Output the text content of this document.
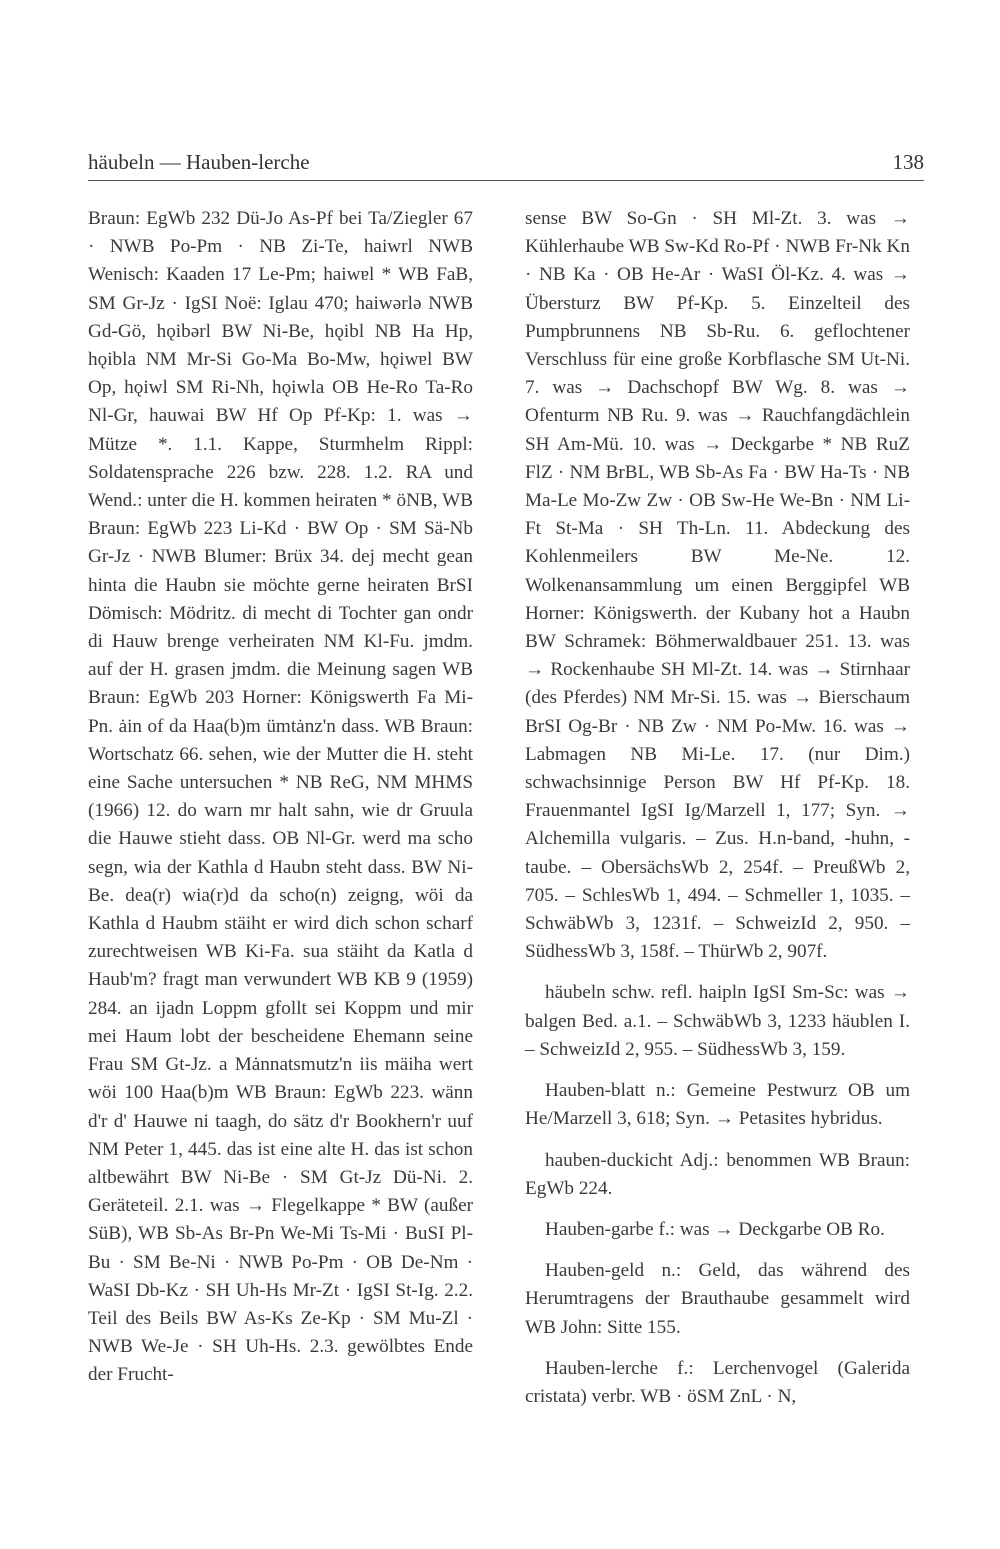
häubeln — Hauben-lerche	138

Braun: EgWb 232 Dü-Jo As-Pf bei Ta/Ziegler 67 · NWB Po-Pm · NB Zi-Te, haiwrl NWB Wenisch: Kaaden 17 Le-Pm; haiwɐl * WB FaB, SM Gr-Jz · IgSI Noë: Iglau 470; haiwərlə NWB Gd-Gö, hǫibərl BW Ni-Be, hǫibl NB Ha Hp, hǫibla NM Mr-Si Go-Ma Bo-Mw, hǫiwɐl BW Op, hǫiwl SM Ri-Nh, hǫiwla OB He-Ro Ta-Ro Nl-Gr, hauwai BW Hf Op Pf-Kp: 1. was → Mütze *. 1.1. Kappe, Sturmhelm Rippl: Soldatensprache 226 bzw. 228. 1.2. RA und Wend.: unter die H. kommen heiraten * öNB, WB Braun: EgWb 223 Li-Kd · BW Op · SM Sä-Nb Gr-Jz · NWB Blumer: Brüx 34. dej mecht gean hinta die Haubn sie möchte gerne heiraten BrSI Dömisch: Mödritz. di mecht di Tochter gan ondr di Hauw brenge verheiraten NM Kl-Fu. jmdm. auf der H. grasen jmdm. die Meinung sagen WB Braun: EgWb 203 Horner: Königswerth Fa Mi-Pn. ȧin of da Haa(b)m ümtȧnz'n dass. WB Braun: Wortschatz 66. sehen, wie der Mutter die H. steht eine Sache untersuchen * NB ReG, NM MHMS (1966) 12. do warn mr halt sahn, wie dr Gruula die Hauwe stieht dass. OB Nl-Gr. werd ma scho segn, wia der Kathla d Haubn steht dass. BW Ni-Be. dea(r) wia(r)d da scho(n) zeigng, wöi da Kathla d Haubm stäiht er wird dich schon scharf zurechtweisen WB Ki-Fa. sua stäiht da Katla d Haub'm? fragt man verwundert WB KB 9 (1959) 284. an ijadn Loppm gfollt sei Koppm und mir mei Haum lobt der bescheidene Ehemann seine Frau SM Gt-Jz. a Mȧnnatsmutz'n iis mäiha wert wöi 100 Haa(b)m WB Braun: EgWb 223. wänn d'r d' Hauwe ni taagh, do sätz d'r Bookhern'r uuf NM Peter 1, 445. das ist eine alte H. das ist schon altbewährt BW Ni-Be · SM Gt-Jz Dü-Ni. 2. Geräteteil. 2.1. was → Flegelkappe * BW (außer SüB), WB Sb-As Br-Pn We-Mi Ts-Mi · BuSI Pl-Bu · SM Be-Ni · NWB Po-Pm · OB De-Nm · WaSI Db-Kz · SH Uh-Hs Mr-Zt · IgSI St-Ig. 2.2. Teil des Beils BW As-Ks Ze-Kp · SM Mu-Zl · NWB We-Je · SH Uh-Hs. 2.3. gewölbtes Ende der Frucht-

sense BW So-Gn · SH Ml-Zt. 3. was → Kühlerhaube WB Sw-Kd Ro-Pf · NWB Fr-Nk Kn · NB Ka · OB He-Ar · WaSI Öl-Kz. 4. was → Übersturz BW Pf-Kp. 5. Einzelteil des Pumpbrunnens NB Sb-Ru. 6. geflochtener Verschluss für eine große Korbflasche SM Ut-Ni. 7. was → Dachschopf BW Wg. 8. was → Ofenturm NB Ru. 9. was → Rauchfangdächlein SH Am-Mü. 10. was → Deckgarbe * NB RuZ FlZ · NM BrBL, WB Sb-As Fa · BW Ha-Ts · NB Ma-Le Mo-Zw Zw · OB Sw-He We-Bn · NM Li-Ft St-Ma · SH Th-Ln. 11. Abdeckung des Kohlenmeilers BW Me-Ne. 12. Wolkenansammlung um einen Berggipfel WB Horner: Königswerth. der Kubany hot a Haubn BW Schramek: Böhmerwaldbauer 251. 13. was → Rockenhaube SH Ml-Zt. 14. was → Stirnhaar (des Pferdes) NM Mr-Si. 15. was → Bierschaum BrSI Og-Br · NB Zw · NM Po-Mw. 16. was → Labmagen NB Mi-Le. 17. (nur Dim.) schwachsinnige Person BW Hf Pf-Kp. 18. Frauenmantel IgSI Ig/Marzell 1, 177; Syn. → Alchemilla vulgaris. – Zus. H.n-band, -huhn, -taube. – ObersächsWb 2, 254f. – PreußWb 2, 705. – SchlesWb 1, 494. – Schmeller 1, 1035. – SchwäbWb 3, 1231f. – SchweizId 2, 950. – SüdhessWb 3, 158f. – ThürWb 2, 907f.

häubeln schw. refl. haipln IgSI Sm-Sc: was → balgen Bed. a.1. – SchwäbWb 3, 1233 häublen I. – SchweizId 2, 955. – SüdhessWb 3, 159.

Hauben-blatt n.: Gemeine Pestwurz OB um He/Marzell 3, 618; Syn. → Petasites hybridus.

hauben-duckicht Adj.: benommen WB Braun: EgWb 224.

Hauben-garbe f.: was → Deckgarbe OB Ro.

Hauben-geld n.: Geld, das während des Herumtragens der Brauthaube gesammelt wird WB John: Sitte 155.

Hauben-lerche f.: Lerchenvogel (Galerida cristata) verbr. WB · öSM ZnL · N,
